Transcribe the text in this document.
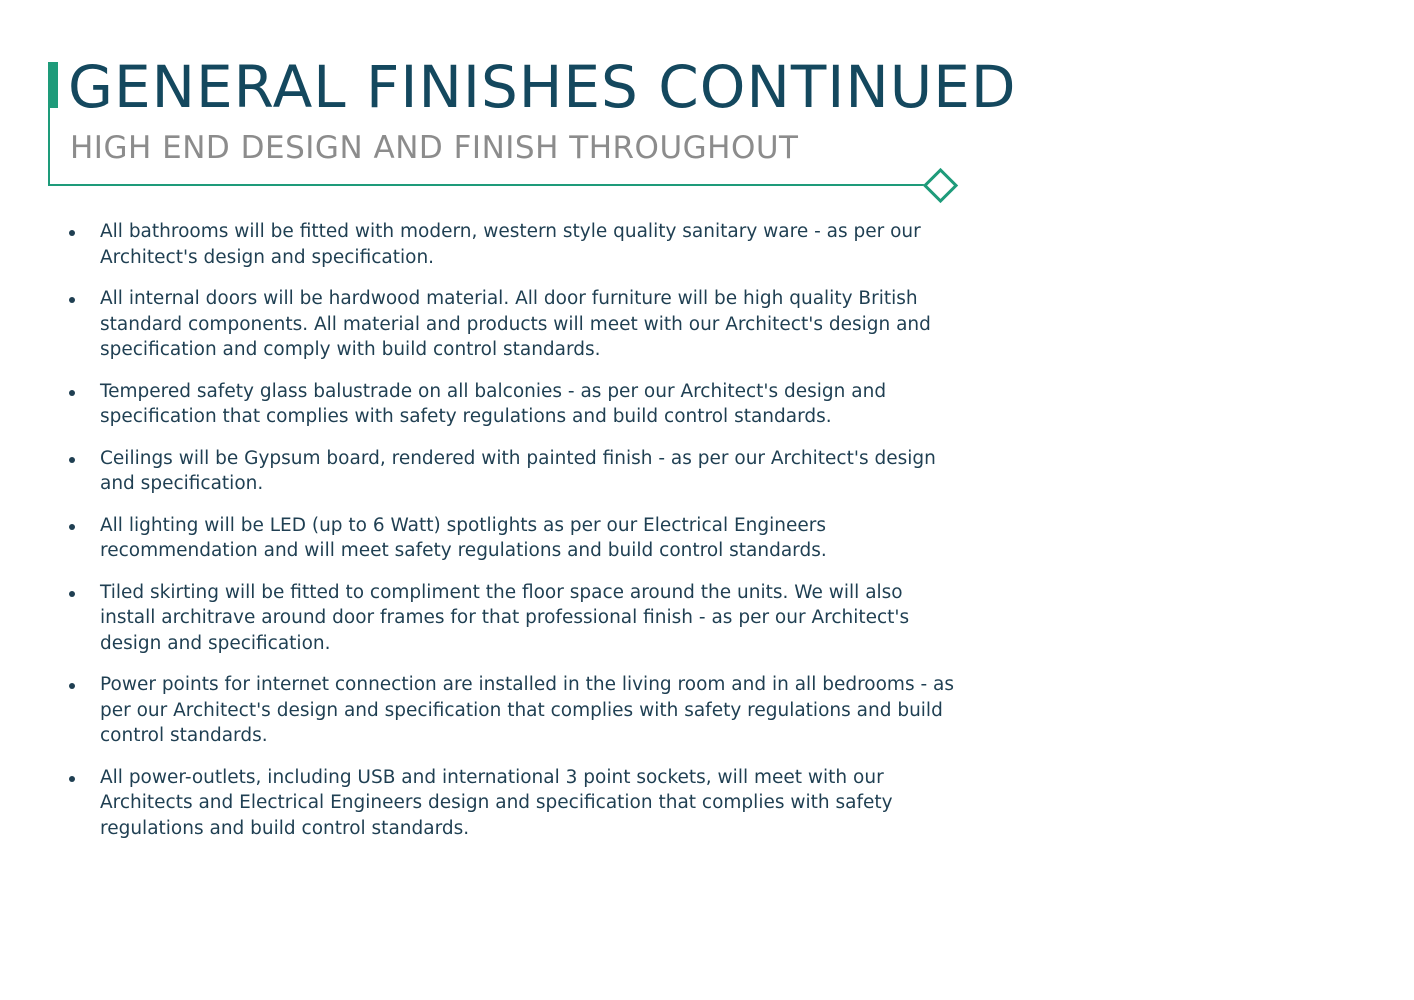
GENERAL FINISHES CONTINUED
HIGH END DESIGN AND FINISH THROUGHOUT
All bathrooms will be fitted with modern, western style quality sanitary ware - as per our Architect's design and specification.
All internal doors will be hardwood material. All door furniture will be high quality British standard components. All material and products will meet with our Architect's design and specification and comply with build control standards.
Tempered safety glass balustrade on all balconies - as per our Architect's design and specification that complies with safety regulations and build control standards.
Ceilings will be Gypsum board, rendered with painted finish - as per our Architect's design and specification.
All lighting will be LED (up to 6 Watt) spotlights as per our Electrical Engineers recommendation and will meet safety regulations and build control standards.
Tiled skirting will be fitted to compliment the floor space around the units. We will also install architrave around door frames for that professional finish - as per our Architect's design and specification.
Power points for internet connection are installed in the living room and in all bedrooms - as per our Architect's design and specification that complies with safety regulations and build control standards.
All power-outlets, including USB and international 3 point sockets, will meet with our Architects and Electrical Engineers design and specification that complies with safety regulations and build control standards.
